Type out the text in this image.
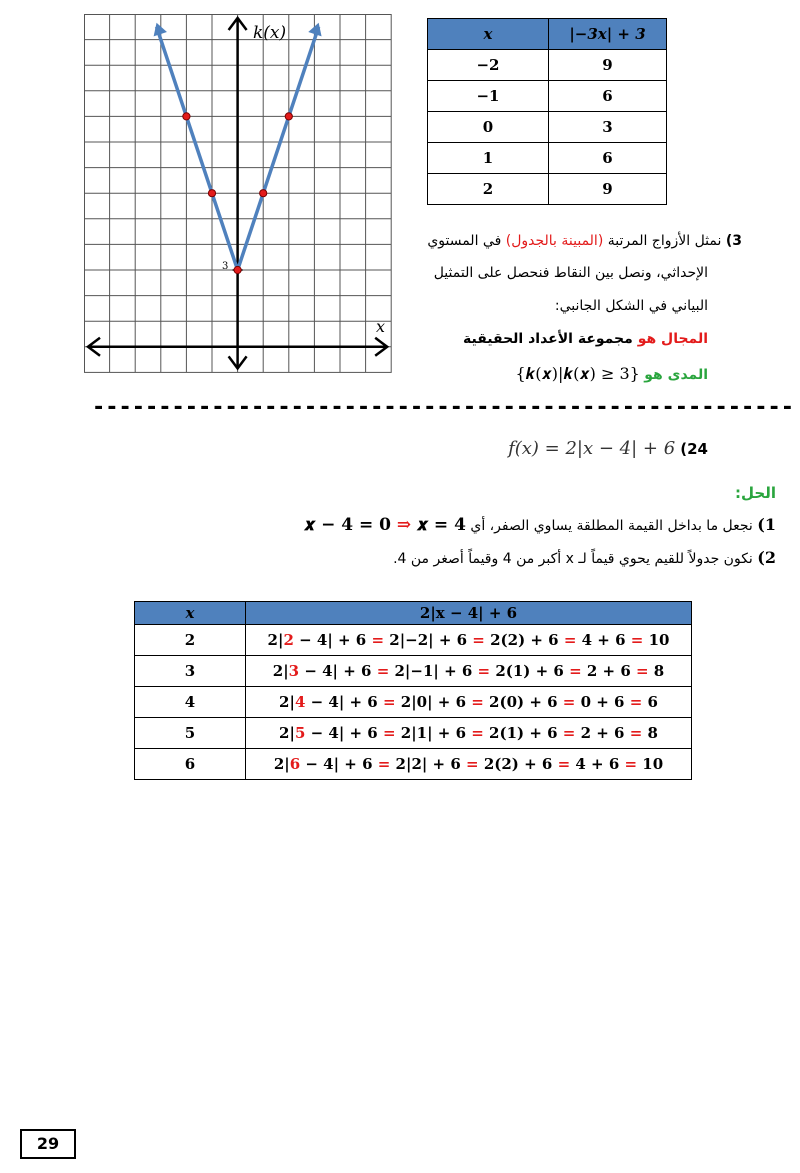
k(x)
x
3
x	|−3x| + 3
−2	9
−1	6
0	3
1	6
2	9
3) نمثل الأزواج المرتبة (المبينة بالجدول) في المستوي
الإحداثي، ونصل بين النقاط فنحصل على التمثيل
البياني في الشكل الجانبي:
المجال هو مجموعة الأعداد الحقيقية
المدى هو {𝒌(𝒙)|𝒌(𝒙) ≥ 3}
-----------------------------------------------------
f(x) = 2|x − 4| + 6 (24
الحل:
1) نجعل ما بداخل القيمة المطلقة يساوي الصفر، أي 𝒙 − 𝟒 = 𝟎 ⇒ 𝒙 = 𝟒
2) نكون جدولاً للقيم يحوي قيماً لـ x أكبر من 4 وقيماً أصغر من 4.
x	2|x − 4| + 6
2	2|2 − 4| + 6 = 2|−2| + 6 = 2(2) + 6 = 4 + 6 = 10
3	2|3 − 4| + 6 = 2|−1| + 6 = 2(1) + 6 = 2 + 6 = 8
4	2|4 − 4| + 6 = 2|0| + 6 = 2(0) + 6 = 0 + 6 = 6
5	2|5 − 4| + 6 = 2|1| + 6 = 2(1) + 6 = 2 + 6 = 8
6	2|6 − 4| + 6 = 2|2| + 6 = 2(2) + 6 = 4 + 6 = 10
29
